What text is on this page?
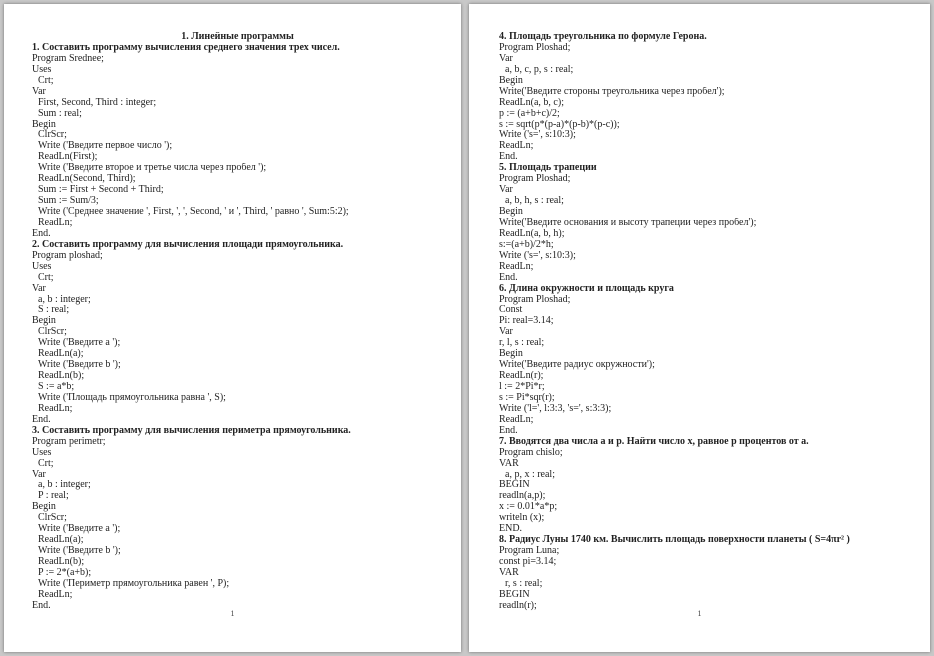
1. Линейные программы
1. Составить программу вычисления среднего значения трех чисел.
Program Srednee;
Uses
Crt;
Var
First, Second, Third : integer;
Sum : real;
Begin
ClrScr;
Write ('Введите первое число ');
ReadLn(First);
Write ('Введите второе и третье числа через пробел ');
ReadLn(Second, Third);
Sum := First + Second + Third;
Sum := Sum/3;
Write ('Среднее значение ', First, ', ', Second, ' и ', Third, ' равно ', Sum:5:2);
ReadLn;
End.
2. Составить программу для вычисления площади прямоугольника.
Program ploshad;
Uses
Crt;
Var
a, b : integer;
S : real;
Begin
ClrScr;
Write ('Введите a ');
ReadLn(a);
Write ('Введите b ');
ReadLn(b);
S := a*b;
Write ('Площадь прямоугольника равна ', S);
ReadLn;
End.
3. Составить программу для вычисления периметра прямоугольника.
Program perimetr;
Uses
Crt;
Var
a, b : integer;
P : real;
Begin
ClrScr;
Write ('Введите a ');
ReadLn(a);
Write ('Введите b ');
ReadLn(b);
P := 2*(a+b);
Write ('Периметр прямоугольника равен ', P);
ReadLn;
End.
1
4. Площадь треугольника по формуле Герона.
Program Ploshad;
Var
a, b, c, p, s : real;
Begin
Write('Введите стороны треугольника через пробел');
ReadLn(a, b, c);
p := (a+b+c)/2;
s := sqrt(p*(p-a)*(p-b)*(p-c));
Write ('s=', s:10:3);
ReadLn;
End.
5. Площадь трапеции
Program Ploshad;
Var
a, b, h, s : real;
Begin
Write('Введите основания и высоту трапеции через пробел');
ReadLn(a, b, h);
s:=(a+b)/2*h;
Write ('s=', s:10:3);
ReadLn;
End.
6. Длина окружности и площадь круга
Program Ploshad;
Const
Pi: real=3.14;
Var
r, l, s : real;
Begin
Write('Введите радиус окружности');
ReadLn(r);
l := 2*Pi*r;
s := Pi*sqr(r);
Write ('l=', l:3:3, 's=', s:3:3);
ReadLn;
End.
7. Вводятся два числа a и p. Найти число x, равное p процентов от a.
Program chislo;
VAR
a, p, x : real;
BEGIN
readln(a,p);
x := 0.01*a*p;
writeln (x);
END.
8. Радиус Луны 1740 км. Вычислить площадь поверхности планеты ( S=4πr² )
Program Luna;
const pi=3.14;
VAR
r, s : real;
BEGIN
readln(r);
1
